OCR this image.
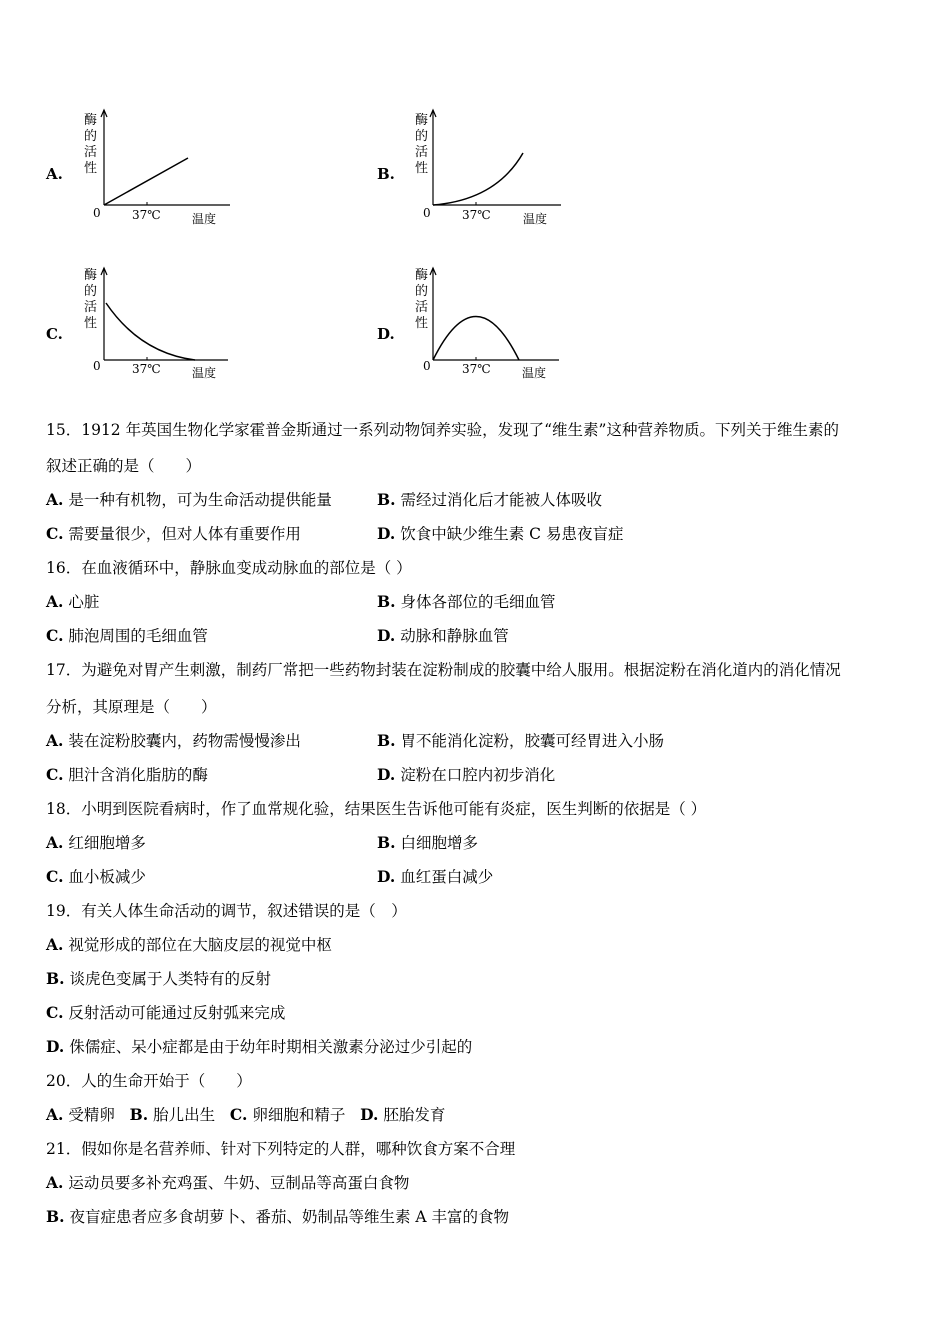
A.	B.
C.	D.
酶
的
活
性
0	37℃	温度
酶
的
活
性
0	37℃	温度
酶
的
活
性
0	37℃	温度
酶
的
活
性
0	37℃	温度
15．1912 年英国生物化学家霍普金斯通过一系列动物饲养实验，发现了“维生素”这种营养物质。下列关于维生素的
叙述正确的是（　　）
A. 是一种有机物，可为生命活动提供能量	B. 需经过消化后才能被人体吸收
C. 需要量很少，但对人体有重要作用	D. 饮食中缺少维生素 C 易患夜盲症
16．在血液循环中，静脉血变成动脉血的部位是（ ）
A. 心脏	B. 身体各部位的毛细血管
C. 肺泡周围的毛细血管	D. 动脉和静脉血管
17．为避免对胃产生刺激，制药厂常把一些药物封装在淀粉制成的胶囊中给人服用。根据淀粉在消化道内的消化情况
分析，其原理是（　　）
A. 装在淀粉胶囊内，药物需慢慢渗出	B. 胃不能消化淀粉，胶囊可经胃进入小肠
C. 胆汁含消化脂肪的酶	D. 淀粉在口腔内初步消化
18．小明到医院看病时，作了血常规化验，结果医生告诉他可能有炎症，医生判断的依据是（ ）
A. 红细胞增多	B. 白细胞增多
C. 血小板减少	D. 血红蛋白减少
19．有关人体生命活动的调节，叙述错误的是（　）
A. 视觉形成的部位在大脑皮层的视觉中枢
B. 谈虎色变属于人类特有的反射
C. 反射活动可能通过反射弧来完成
D. 侏儒症、呆小症都是由于幼年时期相关激素分泌过少引起的
20．人的生命开始于（　　）
A. 受精卵 B. 胎儿出生 C. 卵细胞和精子 D. 胚胎发育
21．假如你是名营养师、针对下列特定的人群，哪种饮食方案不合理
A. 运动员要多补充鸡蛋、牛奶、豆制品等高蛋白食物
B. 夜盲症患者应多食胡萝卜、番茄、奶制品等维生素 A 丰富的食物
